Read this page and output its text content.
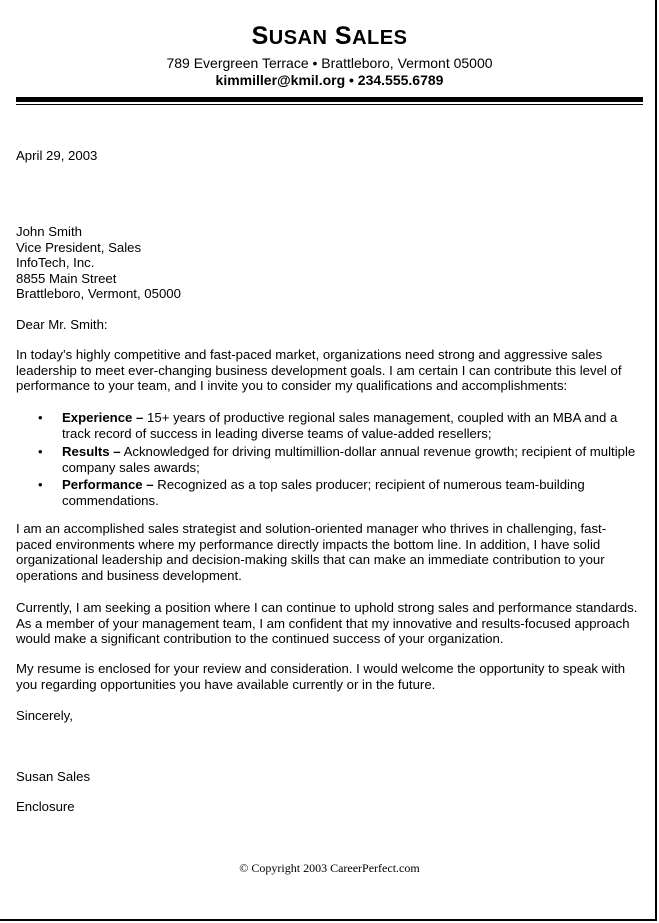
SUSAN SALES
789 Evergreen Terrace • Brattleboro, Vermont 05000
kimmiller@kmil.org • 234.555.6789
April 29, 2003
John Smith
Vice President, Sales
InfoTech, Inc.
8855 Main Street
Brattleboro, Vermont, 05000
Dear Mr. Smith:
In today’s highly competitive and fast-paced market, organizations need strong and aggressive sales
leadership to meet ever-changing business development goals. I am certain I can contribute this level of
performance to your team, and I invite you to consider my qualifications and accomplishments:
• Experience – 15+ years of productive regional sales management, coupled with an MBA and a
track record of success in leading diverse teams of value-added resellers;
• Results – Acknowledged for driving multimillion-dollar annual revenue growth; recipient of multiple
company sales awards;
• Performance – Recognized as a top sales producer; recipient of numerous team-building
commendations.
I am an accomplished sales strategist and solution-oriented manager who thrives in challenging, fast-
paced environments where my performance directly impacts the bottom line. In addition, I have solid
organizational leadership and decision-making skills that can make an immediate contribution to your
operations and business development.
Currently, I am seeking a position where I can continue to uphold strong sales and performance standards.
As a member of your management team, I am confident that my innovative and results-focused approach
would make a significant contribution to the continued success of your organization.
My resume is enclosed for your review and consideration. I would welcome the opportunity to speak with
you regarding opportunities you have available currently or in the future.
Sincerely,
Susan Sales
Enclosure
© Copyright 2003 CareerPerfect.com
